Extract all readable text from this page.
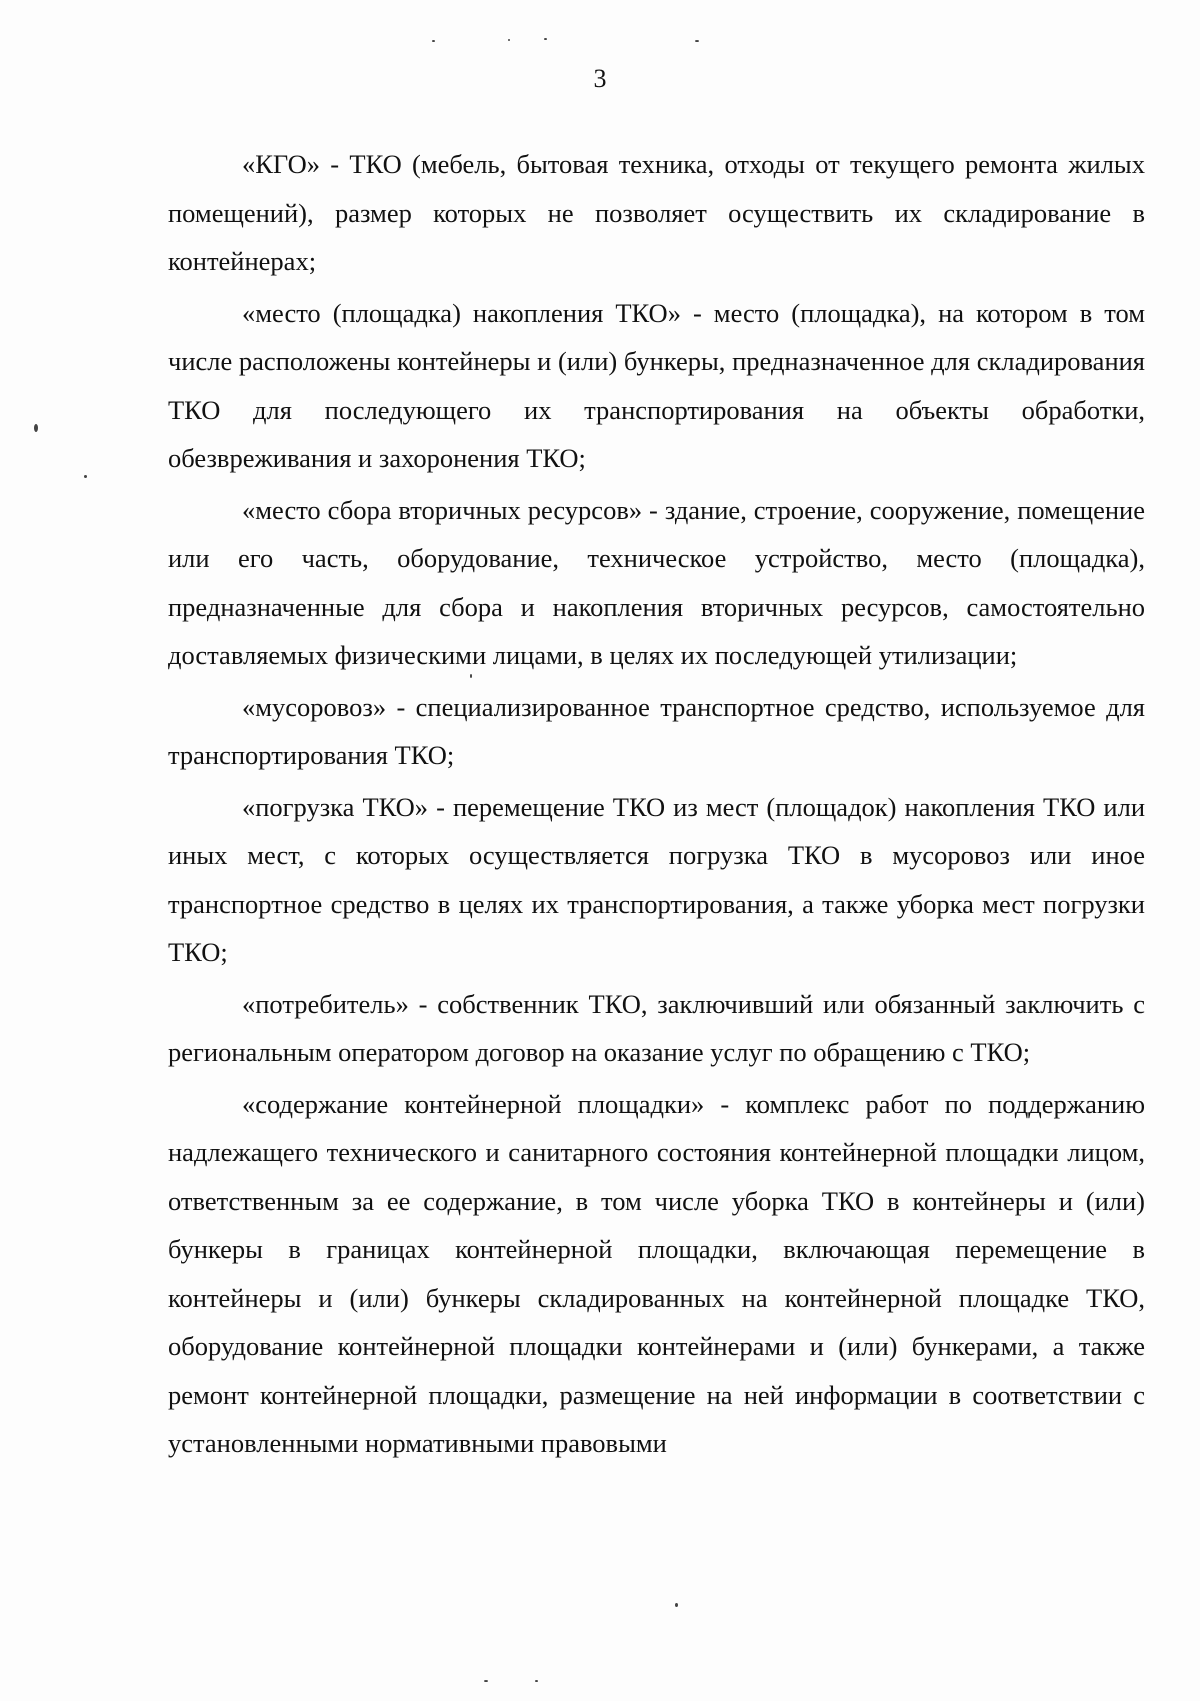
3

«КГО» - ТКО (мебель, бытовая техника, отходы от текущего ремонта жилых помещений), размер которых не позволяет осуществить их складирование в контейнерах;

«место (площадка) накопления ТКО» - место (площадка), на котором в том числе расположены контейнеры и (или) бункеры, предназначенное для складирования ТКО для последующего их транспортирования на объекты обработки, обезвреживания и захоронения ТКО;

«место сбора вторичных ресурсов» - здание, строение, сооружение, помещение или его часть, оборудование, техническое устройство, место (площадка), предназначенные для сбора и накопления вторичных ресурсов, самостоятельно доставляемых физическими лицами, в целях их последующей утилизации;

«мусоровоз» - специализированное транспортное средство, используемое для транспортирования ТКО;

«погрузка ТКО» - перемещение ТКО из мест (площадок) накопления ТКО или иных мест, с которых осуществляется погрузка ТКО в мусоровоз или иное транспортное средство в целях их транспортирования, а также уборка мест погрузки ТКО;

«потребитель» - собственник ТКО, заключивший или обязанный заключить с региональным оператором договор на оказание услуг по обращению с ТКО;

«содержание контейнерной площадки» - комплекс работ по поддержанию надлежащего технического и санитарного состояния контейнерной площадки лицом, ответственным за ее содержание, в том числе уборка ТКО в контейнеры и (или) бункеры в границах контейнерной площадки, включающая перемещение в контейнеры и (или) бункеры складированных на контейнерной площадке ТКО, оборудование контейнерной площадки контейнерами и (или) бункерами, а также ремонт контейнерной площадки, размещение на ней информации в соответствии с установленными нормативными правовыми
